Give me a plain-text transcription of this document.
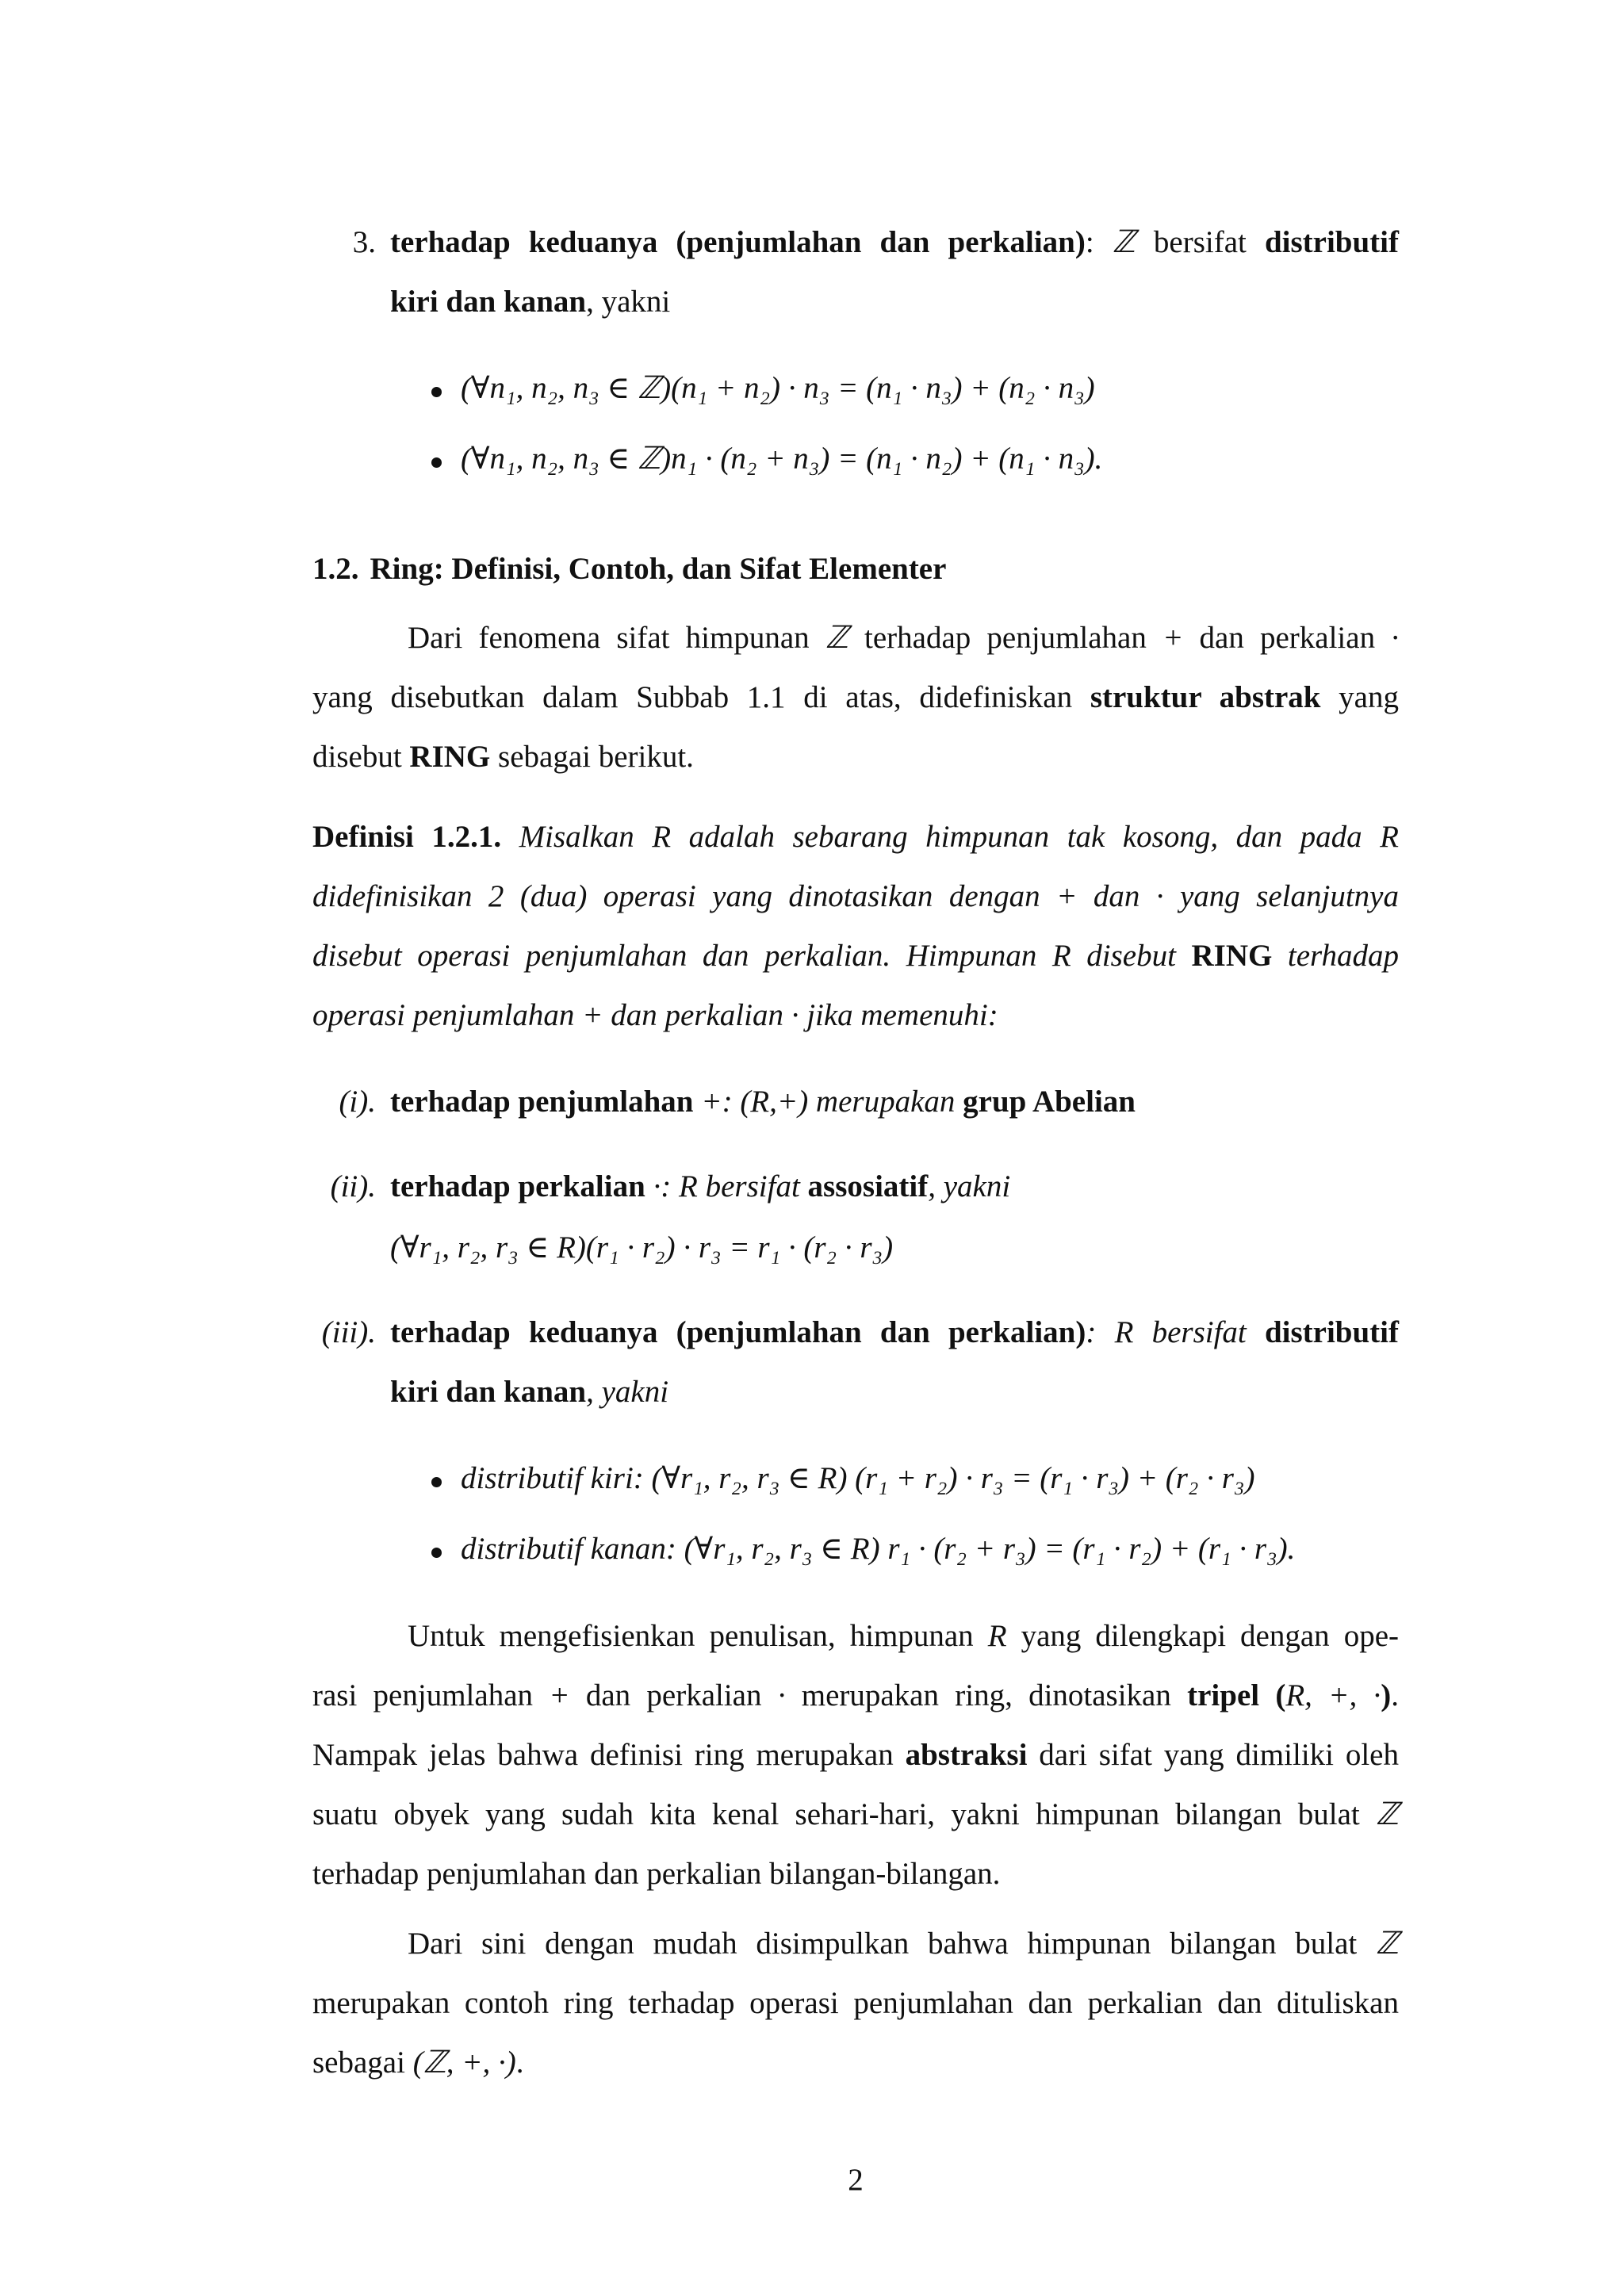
3. terhadap keduanya (penjumlahan dan perkalian): ℤ bersifat distributif
kiri dan kanan, yakni
(∀n₁, n₂, n₃ ∈ ℤ)(n₁ + n₂) · n₃ = (n₁ · n₃) + (n₂ · n₃)
(∀n₁, n₂, n₃ ∈ ℤ)n₁ · (n₂ + n₃) = (n₁ · n₂) + (n₁ · n₃).
1.2. Ring: Definisi, Contoh, dan Sifat Elementer
Dari fenomena sifat himpunan ℤ terhadap penjumlahan + dan perkalian ·
yang disebutkan dalam Subbab 1.1 di atas, didefiniskan struktur abstrak yang
disebut RING sebagai berikut.
Definisi 1.2.1. Misalkan R adalah sebarang himpunan tak kosong, dan pada R
didefinisikan 2 (dua) operasi yang dinotasikan dengan + dan · yang selanjutnya
disebut operasi penjumlahan dan perkalian. Himpunan R disebut RING terhadap
operasi penjumlahan + dan perkalian · jika memenuhi:
(i). terhadap penjumlahan +: (R,+) merupakan grup Abelian
(ii). terhadap perkalian ·: R bersifat assosiatif, yakni
(∀r₁, r₂, r₃ ∈ R)(r₁ · r₂) · r₃ = r₁ · (r₂ · r₃)
(iii). terhadap keduanya (penjumlahan dan perkalian): R bersifat distributif
kiri dan kanan, yakni
distributif kiri: (∀r₁, r₂, r₃ ∈ R) (r₁ + r₂) · r₃ = (r₁ · r₃) + (r₂ · r₃)
distributif kanan: (∀r₁, r₂, r₃ ∈ R) r₁ · (r₂ + r₃) = (r₁ · r₂) + (r₁ · r₃).
Untuk mengefisienkan penulisan, himpunan R yang dilengkapi dengan ope-
rasi penjumlahan + dan perkalian · merupakan ring, dinotasikan tripel (R, +, ·).
Nampak jelas bahwa definisi ring merupakan abstraksi dari sifat yang dimiliki oleh
suatu obyek yang sudah kita kenal sehari-hari, yakni himpunan bilangan bulat ℤ
terhadap penjumlahan dan perkalian bilangan-bilangan.
Dari sini dengan mudah disimpulkan bahwa himpunan bilangan bulat ℤ
merupakan contoh ring terhadap operasi penjumlahan dan perkalian dan dituliskan
sebagai (ℤ, +, ·).
2
